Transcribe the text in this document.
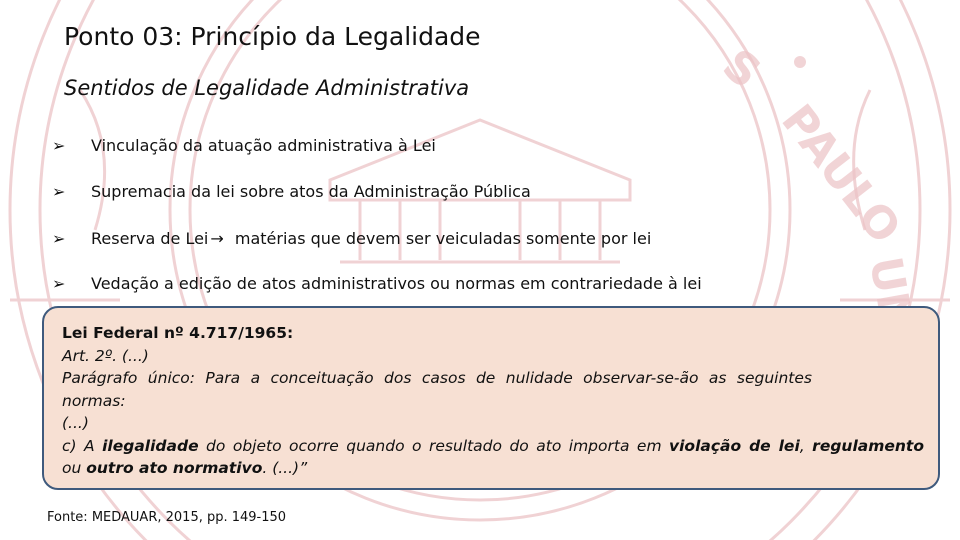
S
PAULO
Ponto 03: Princípio da Legalidade
Sentidos de Legalidade Administrativa
➢ Vinculação da atuação administrativa à Lei
➢ Supremacia da lei sobre atos da Administração Pública
➢ Reserva de Lei → matérias que devem ser veiculadas somente por lei
➢ Vedação a edição de atos administrativos ou normas em contrariedade à lei
Lei Federal nº 4.717/1965:
Art. 2º. (...)
Parágrafo único: Para a conceituação dos casos de nulidade observar-se-ão as seguintes
normas:
(...)
c) A ilegalidade do objeto ocorre quando o resultado do ato importa em violação de lei, regulamento
ou outro ato normativo. (...)”
Fonte: MEDAUAR, 2015, pp. 149-150
